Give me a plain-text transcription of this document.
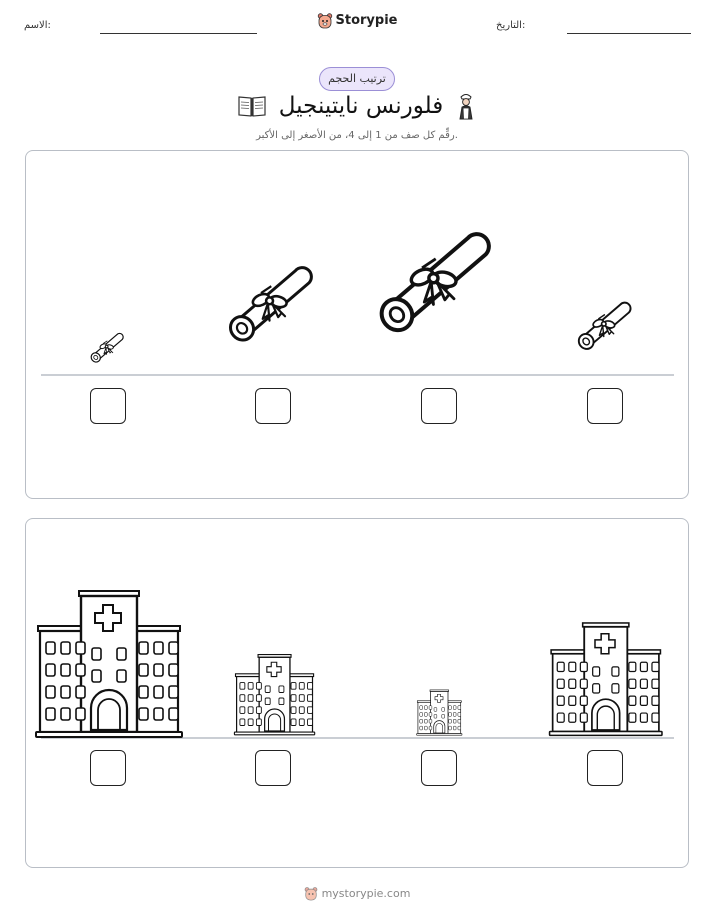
الاسم:	التاريخ:
Storypie
ترتيب الحجم
فلورنس نايتينجيل
رقِّم كل صف من 1 إلى 4، من الأصغر إلى الأكبر.
mystorypie.com
